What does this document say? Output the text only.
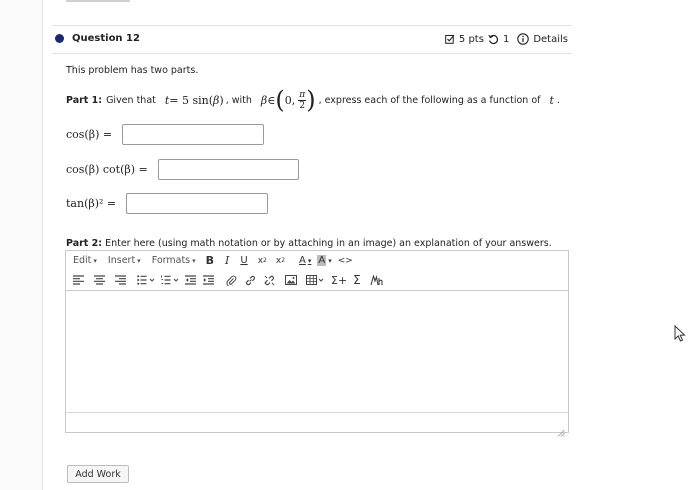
Question 12	5 pts 1 Details
This problem has two parts.
Part 1: Given that t = 5 sin( β ) , with β ∈ ( 0, $\frac{\pi}{2}$ ) , express each of the following as a function of t .
cos(β) =
cos(β) cot(β) =
tan(β)² =
Part 2: Enter here (using math notation or by attaching in an image) an explanation of your answers.
Edit ▾ Insert ▾ Formats ▾ B I U x 2 x 2 A ▾ A ▾ <>
Σ+ Σ
Add Work
